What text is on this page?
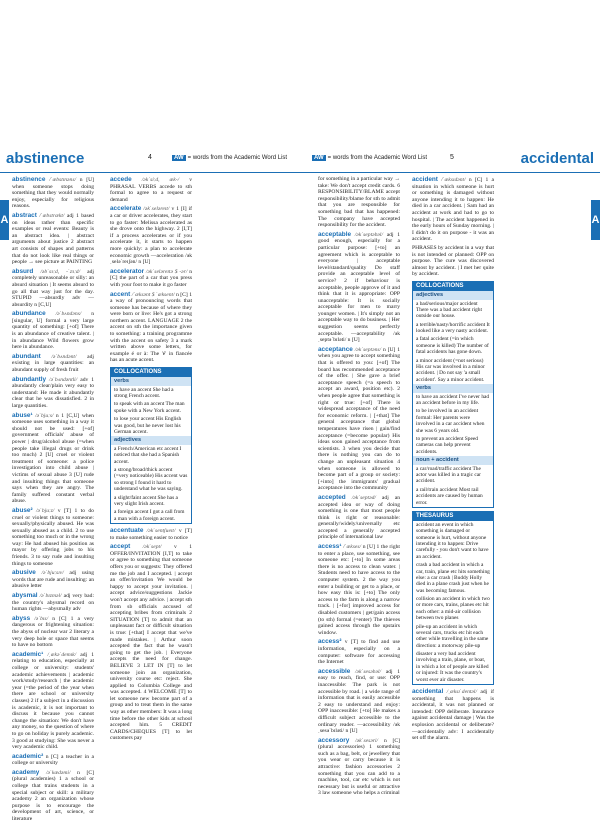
abstinence	4	AW = words from the Academic Word List
A
abstinence /ˈæbstɪnəns/ n [U] when someone stops doing something that they would normally enjoy, especially for religious reasons.
abstract /ˈæbstrækt/ adj 1 based on ideas rather than specific examples or real events: Beauty is an abstract idea. | abstract arguments about justice 2 abstract art consists of shapes and patterns that do not look like real things or people → see picture at PAINTING
absurd /əbˈsɜːd, -ˈzɜːd/ adj completely unreasonable or silly: an absurd situation | It seems absurd to go all that way just for the day. STUPID —absurdly adv —absurdity n [C,U]
abundance /əˈbʌndəns/ n [singular, U] formal a very large quantity of something: [+of] There is an abundance of creative talent. | in abundance Wild flowers grow here in abundance.
abundant /əˈbʌndənt/ adj existing in large quantities: an abundant supply of fresh fruit
abundantly /əˈbʌndəntli/ adv 1 abundantly clear/plain very easy to understand: He made it abundantly clear that he was dissatisfied. 2 in large quantities.
abuse¹ /əˈbjuːs/ n 1 [C,U] when someone uses something in a way it should not be used: [+of] government officials' abuse of power | drug/alcohol abuse (=when people take illegal drugs or drink too much) 2 [U] cruel or violent treatment of someone: a police investigation into child abuse | victims of sexual abuse 3 [U] rude and insulting things that someone says when they are angry. The family suffered constant verbal abuse.
abuse² /əˈbjuːz/ v [T] 1 to do cruel or violent things to someone: sexually/physically abused. He was sexually abused as a child. 2 to use something too much or in the wrong way: He had abused his position as mayor by offering jobs to his friends. 3 to say rude and insulting things to someone
abusive /əˈbjuːsɪv/ adj using words that are rude and insulting: an abusive letter
abysmal /əˈbɪzməl/ adj very bad: the country's abysmal record on human rights —abysmally adv
abyss /əˈbɪs/ n [C] 1 a very dangerous or frightening situation: the abyss of nuclear war 2 literary a very deep hole or space that seems to have no bottom
academic¹ /ˌækəˈdemɪk/ adj 1 relating to education, especially at college or university: students' academic achievements | academic work/study/research | the academic year (=the period of the year when there are school or university classes) 2 if a subject in a discussion is academic, it is not important to discuss it because you cannot change the situation: We don't have any money, so the question of where to go on holiday is purely academic. 3 good at studying: She was never a very academic child.
academic² n [C] a teacher in a college or university
academy /əˈkædəmi/ n [C] (plural academies) 1 a school or college that trains students in a special subject or skill: a military academy 2 an organization whose purpose is to encourage the development of art, science, or literature
accede /əkˈsiːd, æk-/ v PHRASAL VERBS accede to sth formal to agree to a request or demand
accelerate /əkˈseləreɪt/ v 1 [I] if a car or driver accelerates, they start to go faster: Melissa accelerated as she drove onto the highway. 2 [I,T] if a process accelerates or if you accelerate it, it starts to happen more quickly: a plan to accelerate economic growth —acceleration /əkˌseləˈreɪʃən/ n [U]
accelerator /əkˈseləreɪtə $ -ər/ n [C] the part of a car that you press with your foot to make it go faster
accent /ˈæksənt $ ˈæksent/ n [C] 1 a way of pronouncing words that someone has because of where they were born or live: He's got a strong northern accent. LANGUAGE 2 the accent on sth the importance given to something: a training programme with the accent on safety 3 a mark written above some letters, for example é or à: The 'é' in fiancée has an acute accent.
COLLOCATIONS
verbs
to have an accent She had a strong French accent.
to speak with an accent The man spoke with a New York accent.
to lose your accent His English was good, but he never lost his German accent.
adjectives
a French/American etc accent I noticed that she had a Spanish accent.
a strong/broad/thick accent (=very noticeable) His accent was so strong I found it hard to understand what he was saying.
a slight/faint accent She has a very slight Irish accent.
a foreign accent I got a call from a man with a foreign accent.
accentuate /əkˈsentʃueɪt/ v [T] to make something easier to notice
accept /əkˈsept/ v 1 OFFER/INVITATION [I,T] to take or agree to something that someone offers you or suggests: They offered me the job and I accepted. | accept an offer/invitation We would be happy to accept your invitation. | accept advice/suggestions Jackie won't accept any advice. | accept sth from sb officials accused of accepting bribes from criminals 2 SITUATION [T] to admit that an unpleasant fact or difficult situation is true: [+that] I accept that we've made mistakes. | Arthur soon accepted the fact that he wasn't going to get the job. | Everyone accepts the need for change. BELIEVE 3 LET IN [T] to let someone join an organization, university course etc: reject. She applied to Columbia College and was accepted. 4 WELCOME [T] to let someone new become part of a group and to treat them in the same way as other members: It was a long time before the other kids at school accepted him. 5 CREDIT CARDS/CHEQUES [T] to let customers pay
AW = words from the Academic Word List	5	accidental
A
for something in a particular way → take: We don't accept credit cards. 6 RESPONSIBILITY/BLAME accept responsibility/blame for sth to admit that you are responsible for something bad that has happened: The company have accepted responsibility for the accident.
acceptable /əkˈseptəbəl/ adj 1 good enough, especially for a particular purpose: [+to] an agreement which is acceptable to everyone | acceptable level/standard/quality Do staff provide an acceptable level of service? 2 if behaviour is acceptable, people approve of it and think that it is appropriate: OPP unacceptable: It is socially acceptable for men to marry younger women. | It's simply not an acceptable way to do business. | Her suggestion seems perfectly acceptable. —acceptability /əkˌseptəˈbɪləti/ n [U]
acceptance /əkˈseptəns/ n [U] 1 when you agree to accept something that is offered to you: [+of] The board has recommended acceptance of the offer. | She gave a brief acceptance speech (=a speech to accept an award, position etc). 2 when people agree that something is right or true: [+of] There is widespread acceptance of the need for economic reform. | [+that] The general acceptance that global temperatures have risen | gain/find acceptance (=become popular) His ideas soon gained acceptance from scientists. 3 when you decide that there is nothing you can do to change an unpleasant situation 4 when someone is allowed to become part of a group or society: [+into] the immigrants' gradual acceptance into the community
accepted /əkˈseptəd/ adj an accepted idea or way of doing something is one that most people think is right or reasonable: generally/widely/universally etc accepted a generally accepted principle of international law
access¹ /ˈækses/ n [U] 1 the right to enter a place, use something, see someone etc: [+to] In some areas there is no access to clean water. | Students need to have access to the computer system. 2 the way you enter a building or get to a place, or how easy this is: [+to] The only access to the farm is along a narrow track. | [+for] improved access for disabled customers | get/gain access (to sth) formal (=enter) The thieves gained access through the upstairs window.
access² v [T] to find and use information, especially on a computer: software for accessing the Internet
accessible /əkˈsesəbəl/ adj 1 easy to reach, find, or use: OPP inaccessible: The park is not accessible by road. | a wide range of information that is easily accessible 2 easy to understand and enjoy: OPP inaccessible: [+to] He makes a difficult subject accessible to the ordinary reader. —accessibility /əkˌsesəˈbɪləti/ n [U]
accessory /əkˈsesəri/ n [C] (plural accessories) 1 something such as a bag, belt, or jewellery that you wear or carry because it is attractive: fashion accessories 2 something that you can add to a machine, tool, car etc which is not necessary but is useful or attractive 3 law someone who helps a criminal
accident /ˈæksɪdənt/ n [C] 1 a situation in which someone is hurt or something is damaged without anyone intending it to happen: He died in a car accident. | Sam had an accident at work and had to go to hospital. | The accident happened in the early hours of Sunday morning. | I didn't do it on purpose - it was an accident.
PHRASES by accident in a way that is not intended or planned: OPP on purpose. The cure was discovered almost by accident. | I met her quite by accident.
COLLOCATIONS
adjectives
a bad/serious/major accident There was a bad accident right outside our house.
a terrible/nasty/horrific accident It looked like a very nasty accident.
a fatal accident (=in which someone is killed) The number of fatal accidents has gone down.
a minor accident (=not serious) His car was involved in a minor accident. | Do not say 'a small accident'. Say a minor accident.
verbs
to have an accident I've never had an accident before in my life.
to be involved in an accident formal: Her parents were involved in a car accident when she was 6 years old.
to prevent an accident Speed cameras can help prevent accidents.
noun + accident
a car/road/traffic accident The actor was killed in a tragic car accident.
a rail/train accident Most rail accidents are caused by human error.
THESAURUS
accident an event in which something is damaged or someone is hurt, without anyone intending it to happen: Drive carefully - you don't want to have an accident.
crash a bad accident in which a car, train, plane etc hits something else: a car crash | Buddy Holly died in a plane crash just when he was becoming famous.
collision an accident in which two or more cars, trains, planes etc hit each other: a mid-air collision between two planes
pile-up an accident in which several cars, trucks etc hit each other while travelling in the same direction: a motorway pile-up
disaster a very bad accident involving a train, plane, or boat, in which a lot of people are killed or injured: It was the country's worst ever air disaster.
accidental /ˌæksɪˈdentəl/ adj if something that happens is accidental, it was not planned or intended: OPP deliberate. Insurance against accidental damage | Was the explosion accidental or deliberate? —accidentally adv: I accidentally set off the alarm.
